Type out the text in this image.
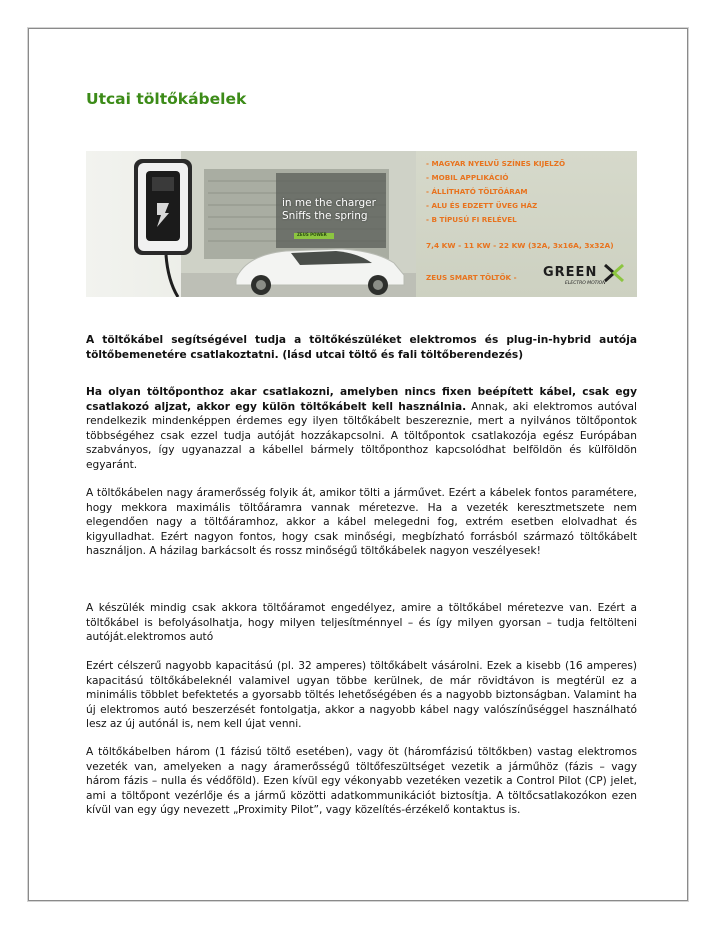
Utcai töltőkábelek
in me the charger
Sniffs the spring
ZEUS POWER
- MAGYAR NYELVŰ SZÍNES KIJELZŐ
- MOBIL APPLIKÁCIÓ
- ÁLLÍTHATÓ TÖLTŐÁRAM
- ALU ÉS EDZETT ÜVEG HÁZ
- B TÍPUSÚ FI RELÉVEL
7,4 KW - 11 KW - 22 KW (32A, 3x16A, 3x32A)
ZEUS SMART TÖLTŐK - GREEN
ELECTRO MOTION

A töltőkábel segítségével tudja a töltőkészüléket elektromos és plug-in-hybrid autója töltőbemenetére csatlakoztatni. (lásd utcai töltő és fali töltőberendezés)

Ha olyan töltőponthoz akar csatlakozni, amelyben nincs fixen beépített kábel, csak egy csatlakozó aljzat, akkor egy külön töltőkábelt kell használnia. Annak, aki elektromos autóval rendelkezik mindenképpen érdemes egy ilyen töltőkábelt beszereznie, mert a nyilvános töltőpontok többségéhez csak ezzel tudja autóját hozzákapcsolni. A töltőpontok csatlakozója egész Európában szabványos, így ugyanazzal a kábellel bármely töltőponthoz kapcsolódhat belföldön és külföldön egyaránt.

A töltőkábelen nagy áramerősség folyik át, amikor tölti a járművet. Ezért a kábelek fontos paramétere, hogy mekkora maximális töltőáramra vannak méretezve. Ha a vezeték keresztmetszete nem elegendően nagy a töltőáramhoz, akkor a kábel melegedni fog, extrém esetben elolvadhat és kigyulladhat. Ezért nagyon fontos, hogy csak minőségi, megbízható forrásból származó töltőkábelt használjon. A házilag barkácsolt és rossz minőségű töltőkábelek nagyon veszélyesek!

A készülék mindig csak akkora töltőáramot engedélyez, amire a töltőkábel méretezve van. Ezért a töltőkábel is befolyásolhatja, hogy milyen teljesítménnyel – és így milyen gyorsan – tudja feltölteni autóját.elektromos autó

Ezért célszerű nagyobb kapacitású (pl. 32 amperes) töltőkábelt vásárolni. Ezek a kisebb (16 amperes) kapacitású töltőkábeleknél valamivel ugyan többe kerülnek, de már rövidtávon is megtérül ez a minimális többlet befektetés a gyorsabb töltés lehetőségében és a nagyobb biztonságban. Valamint ha új elektromos autó beszerzését fontolgatja, akkor a nagyobb kábel nagy valószínűséggel használható lesz az új autónál is, nem kell újat venni.

A töltőkábelben három (1 fázisú töltő esetében), vagy öt (háromfázisú töltőkben) vastag elektromos vezeték van, amelyeken a nagy áramerősségű töltőfeszültséget vezetik a járműhöz (fázis – vagy három fázis – nulla és védőföld). Ezen kívül egy vékonyabb vezetéken vezetik a Control Pilot (CP) jelet, ami a töltőpont vezérlője és a jármű közötti adatkommunikációt biztosítja. A töltőcsatlakozókon ezen kívül van egy úgy nevezett „Proximity Pilot”, vagy közelítés-érzékelő kontaktus is.
